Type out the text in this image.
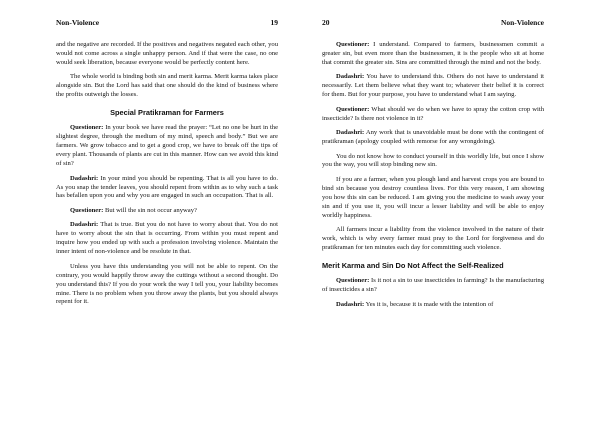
Non-Violence	19

and the negative are recorded. If the positives and negatives negated each other, you would not come across a single unhappy person. And if that were the case, no one would seek liberation, because everyone would be perfectly content here.

The whole world is binding both sin and merit karma. Merit karma takes place alongside sin. But the Lord has said that one should do the kind of business where the profits outweigh the losses.

Special Pratikraman for Farmers

Questioner: In your book we have read the prayer: “Let no one be hurt in the slightest degree, through the medium of my mind, speech and body.” But we are farmers. We grow tobacco and to get a good crop, we have to break off the tips of every plant. Thousands of plants are cut in this manner. How can we avoid this kind of sin?

Dadashri: In your mind you should be repenting. That is all you have to do. As you snap the tender leaves, you should repent from within as to why such a task has befallen upon you and why you are engaged in such an occupation. That is all.

Questioner: But will the sin not occur anyway?

Dadashri: That is true. But you do not have to worry about that. You do not have to worry about the sin that is occurring. From within you must repent and inquire how you ended up with such a profession involving violence. Maintain the inner intent of non-violence and be resolute in that.

Unless you have this understanding you will not be able to repent. On the contrary, you would happily throw away the cuttings without a second thought. Do you understand this? If you do your work the way I tell you, your liability becomes mine. There is no problem when you throw away the plants, but you should always repent for it.

20	Non-Violence

Questioner: I understand. Compared to farmers, businessmen commit a greater sin, but even more than the businessmen, it is the people who sit at home that commit the greater sin. Sins are committed through the mind and not the body.

Dadashri: You have to understand this. Others do not have to understand it necessarily. Let them believe what they want to; whatever their belief it is correct for them. But for your purpose, you have to understand what I am saying.

Questioner: What should we do when we have to spray the cotton crop with insecticide? Is there not violence in it?

Dadashri: Any work that is unavoidable must be done with the contingent of pratikraman (apology coupled with remorse for any wrongdoing).

You do not know how to conduct yourself in this worldly life, but once I show you the way, you will stop binding new sin.

If you are a farmer, when you plough land and harvest crops you are bound to bind sin because you destroy countless lives. For this very reason, I am showing you how this sin can be reduced. I am giving you the medicine to wash away your sin and if you use it, you will incur a lesser liability and will be able to enjoy worldly happiness.

All farmers incur a liability from the violence involved in the nature of their work, which is why every farmer must pray to the Lord for forgiveness and do pratikraman for ten minutes each day for committing such violence.

Merit Karma and Sin Do Not Affect the Self-Realized

Questioner: Is it not a sin to use insecticides in farming? Is the manufacturing of insecticides a sin?

Dadashri: Yes it is, because it is made with the intention of
